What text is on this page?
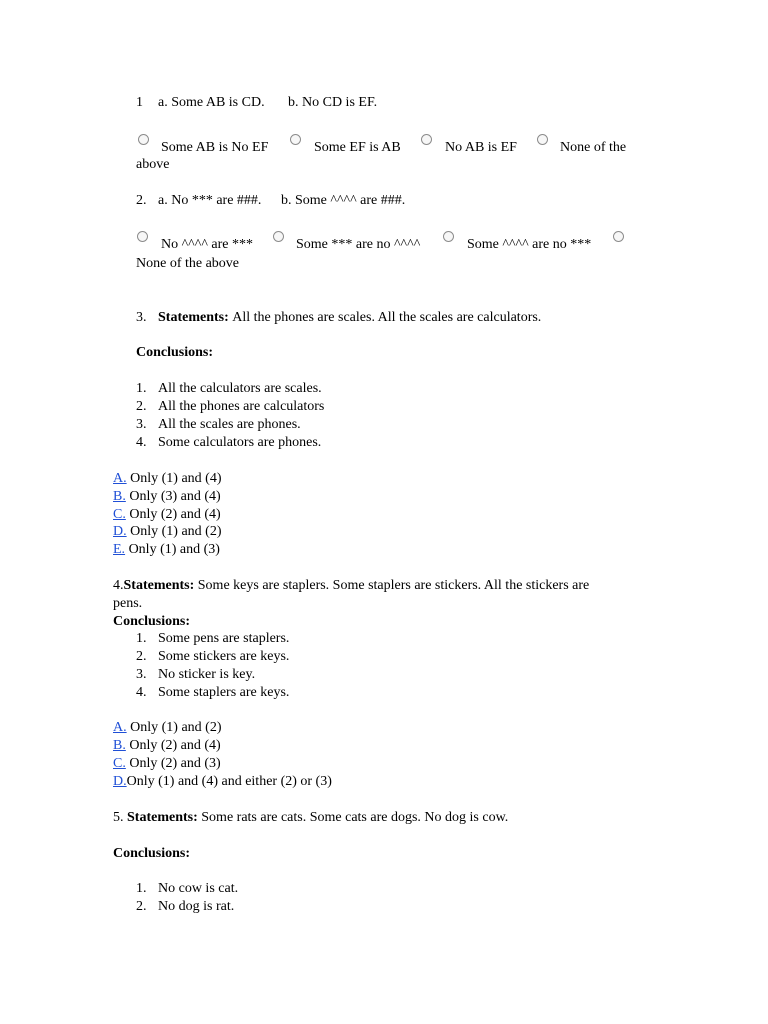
1 a. Some AB is CD. b. No CD is EF.
Some AB is No EF	Some EF is AB	No AB is EF	None of the
above
2. a. No *** are ###. b. Some ^^^^ are ###.
No ^^^^ are ***	Some *** are no ^^^^	Some ^^^^ are no ***
None of the above
3. Statements: All the phones are scales. All the scales are calculators.
Conclusions:
1. All the calculators are scales.
2. All the phones are calculators
3. All the scales are phones.
4. Some calculators are phones.
A. Only (1) and (4)
B. Only (3) and (4)
C. Only (2) and (4)
D. Only (1) and (2)
E. Only (1) and (3)
4.Statements: Some keys are staplers. Some staplers are stickers. All the stickers are
pens.
Conclusions:
1. Some pens are staplers.
2. Some stickers are keys.
3. No sticker is key.
4. Some staplers are keys.
A. Only (1) and (2)
B. Only (2) and (4)
C. Only (2) and (3)
D.Only (1) and (4) and either (2) or (3)
5. Statements: Some rats are cats. Some cats are dogs. No dog is cow.
Conclusions:
1. No cow is cat.
2. No dog is rat.
